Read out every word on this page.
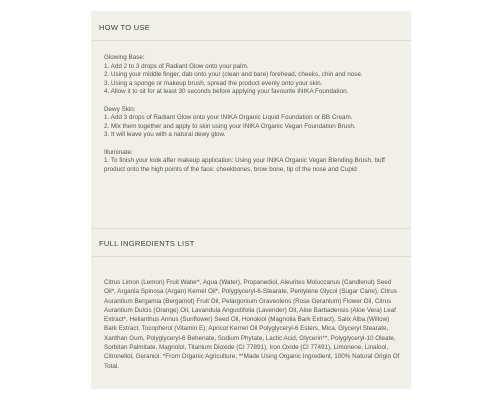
HOW TO USE

Glowing Base:

1. Add 2 to 3 drops of Radiant Glow onto your palm.

2. Using your middle finger, dab onto your (clean and bare) forehead, cheeks, chin and nose.

3. Using a sponge or makeup brush, spread the product evenly onto your skin.

4. Allow it to sit for at least 30 seconds before applying your favourite INIKA Foundation.

Dewy Skin:

1. Add 3 drops of Radiant Glow onto your INIKA Organic Liquid Foundation or BB Cream.

2. Mix them together and apply to skin using your INIKA Organic Vegan Foundation Brush.

3. It will leave you with a natural dewy glow.

Illuminate:

1. To finish your look after makeup application: Using your INIKA Organic Vegan Blending Brush, buff product onto the high points of the face: cheekbones, brow bone, tip of the nose and Cupid

FULL INGREDIENTS LIST
Citrus Limon (Lemon) Fruit Water*, Aqua (Water), Propanediol, Aleurites Moluccanus (Candlenut) Seed Oil*, Argania Spinosa (Argan) Kernel Oil*, Polyglyceryl-6-Stearate, Pentylene Glycol (Sugar Cane), Citrus Aurantium Bergamia (Bergamot) Fruit Oil, Pelargonium Graveolens (Rose Geranium) Flower Oil, Citrus Aurantium Dulcis (Orange) Oil, Lavandula Angustifolia (Lavender) Oil, Aloe Barbadensis (Aloe Vera) Leaf Extract*, Helianthus Annus (Sunflower) Seed Oil, Honokiol (Magnolia Bark Extract), Salix Alba (Willow) Bark Extract, Tocopherol (Vitamin E), Apricot Kernel Oil Polyglyceryl-6 Esters, Mica, Glyceryl Stearate, Xanthan Gum, Polyglyceryl-6 Behenate, Sodium Phytate, Lactic Acid, Glycerin**, Polyglyceryl-10 Oleate, Sorbitan Palmitate, Magnolol, Titanium Dioxide (CI 77891), Iron Oxide (CI 77491), Limonene, Linalool, Citronellol, Geraniol. *From Organic Agriculture, **Made Using Organic Ingredient, 100% Natural Origin Of Total.
